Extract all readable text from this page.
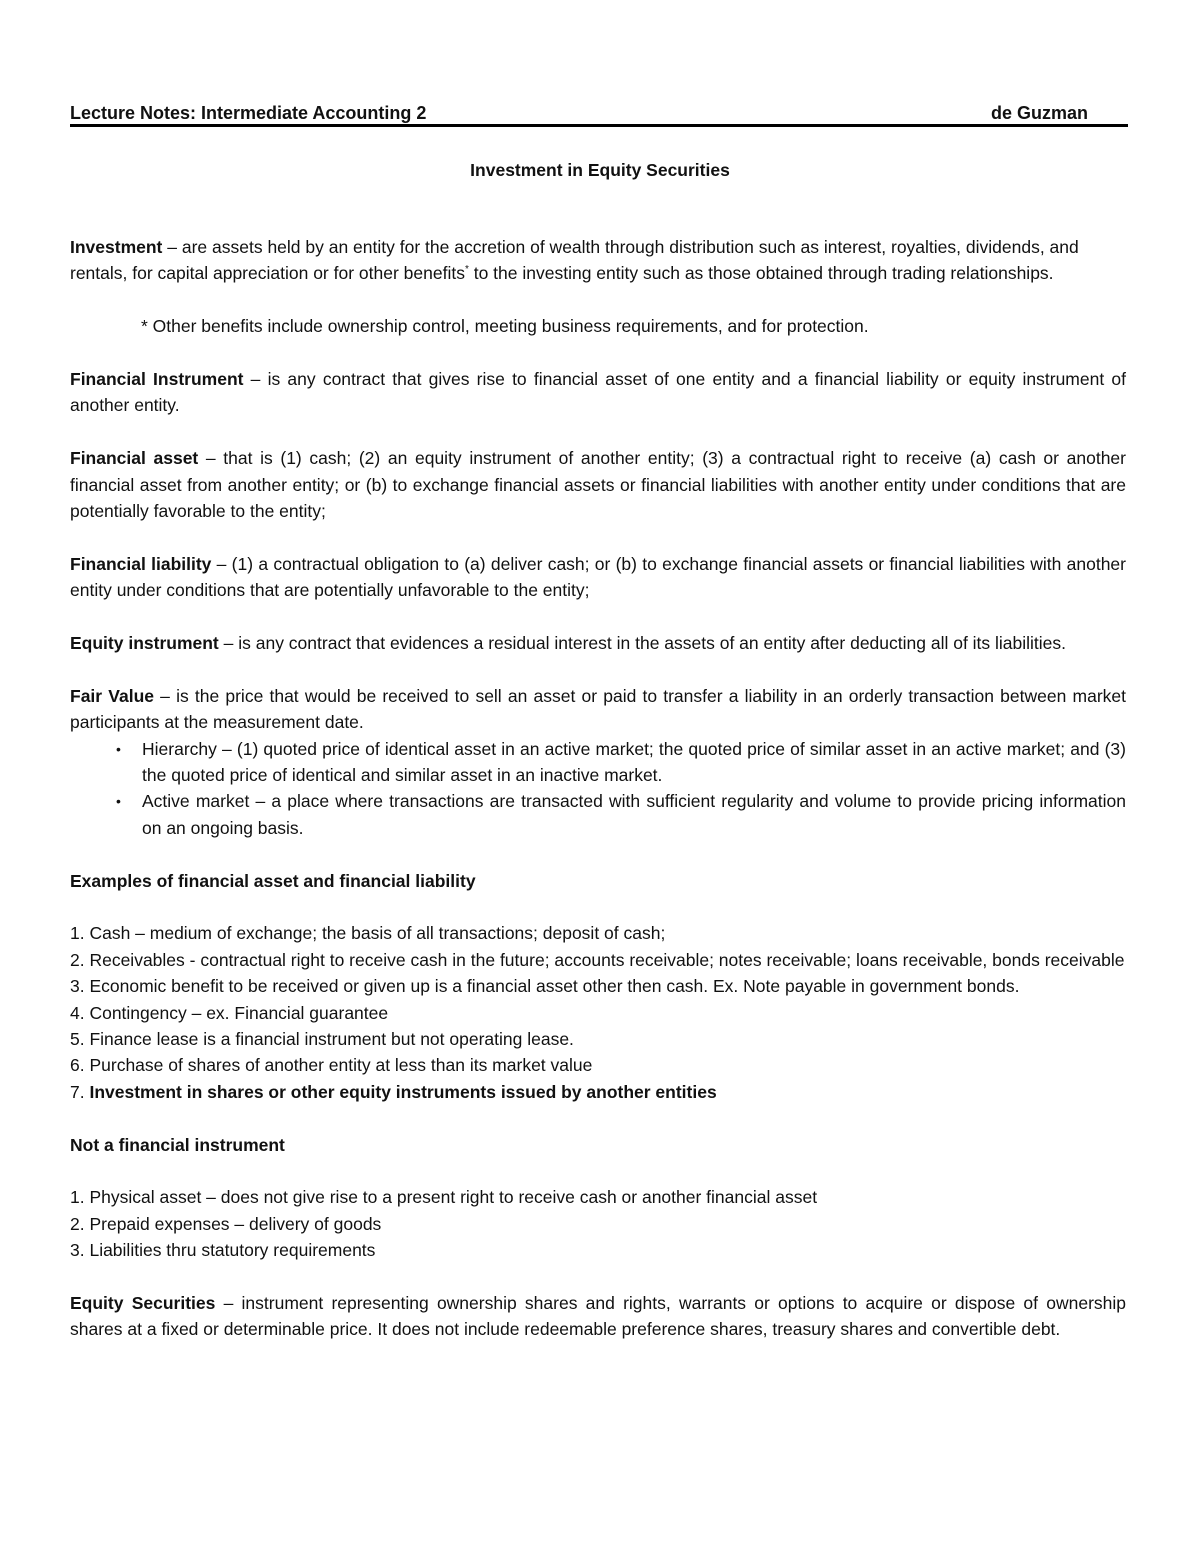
Lecture Notes: Intermediate Accounting 2	de Guzman
Investment in Equity Securities

Investment – are assets held by an entity for the accretion of wealth through distribution such as interest, royalties, dividends, and rentals, for capital appreciation or for other benefits* to the investing entity such as those obtained through trading relationships.

* Other benefits include ownership control, meeting business requirements, and for protection.

Financial Instrument – is any contract that gives rise to financial asset of one entity and a financial liability or equity instrument of another entity.

Financial asset – that is (1) cash; (2) an equity instrument of another entity; (3) a contractual right to receive (a) cash or another financial asset from another entity; or (b) to exchange financial assets or financial liabilities with another entity under conditions that are potentially favorable to the entity;

Financial liability – (1) a contractual obligation to (a) deliver cash; or (b) to exchange financial assets or financial liabilities with another entity under conditions that are potentially unfavorable to the entity;

Equity instrument – is any contract that evidences a residual interest in the assets of an entity after deducting all of its liabilities.

Fair Value – is the price that would be received to sell an asset or paid to transfer a liability in an orderly transaction between market participants at the measurement date.

• Hierarchy – (1) quoted price of identical asset in an active market; the quoted price of similar asset in an active market; and (3) the quoted price of identical and similar asset in an inactive market.
• Active market – a place where transactions are transacted with sufficient regularity and volume to provide pricing information on an ongoing basis.

Examples of financial asset and financial liability

1. Cash – medium of exchange; the basis of all transactions; deposit of cash;
2. Receivables - contractual right to receive cash in the future; accounts receivable; notes receivable; loans receivable, bonds receivable
3. Economic benefit to be received or given up is a financial asset other then cash. Ex. Note payable in government bonds.
4. Contingency – ex. Financial guarantee
5. Finance lease is a financial instrument but not operating lease.
6. Purchase of shares of another entity at less than its market value
7. Investment in shares or other equity instruments issued by another entities

Not a financial instrument

1. Physical asset – does not give rise to a present right to receive cash or another financial asset
2. Prepaid expenses – delivery of goods
3. Liabilities thru statutory requirements

Equity Securities – instrument representing ownership shares and rights, warrants or options to acquire or dispose of ownership shares at a fixed or determinable price. It does not include redeemable preference shares, treasury shares and convertible debt.
